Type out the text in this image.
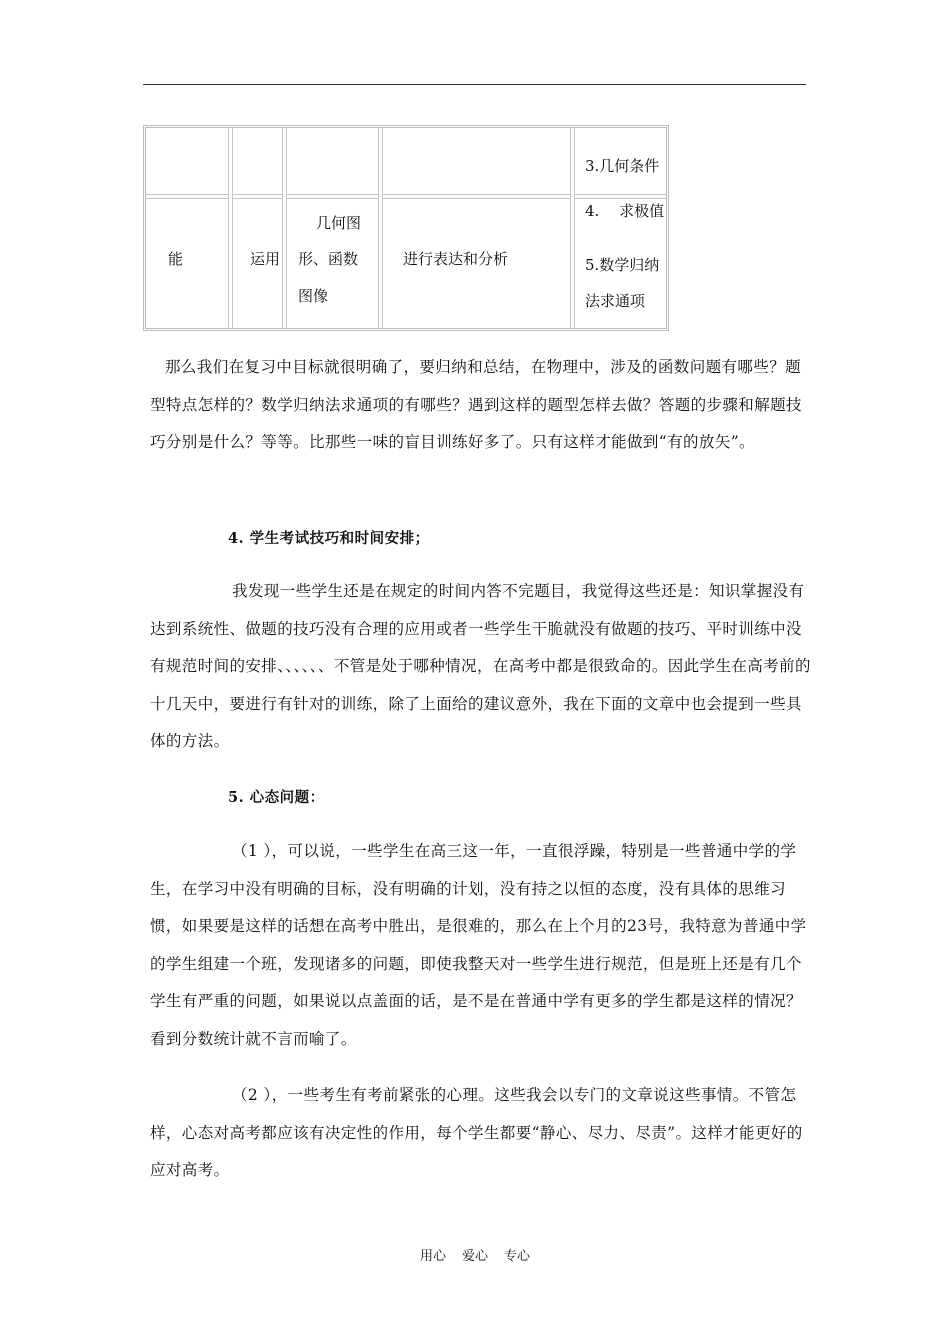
3.几何条件
能	运用
几何图
形、函数
图像
进行表达和分析
4.　 求极值
5.数学归纳
法求通项

那么我们在复习中目标就很明确了，要归纳和总结，在物理中，涉及的函数问题有哪些？题型特点怎样的？数学归纳法求通项的有哪些？遇到这样的题型怎样去做？答题的步骤和解题技巧分别是什么？等等。比那些一味的盲目训练好多了。只有这样才能做到“有的放矢”。

4. 学生考试技巧和时间安排；

我发现一些学生还是在规定的时间内答不完题目，我觉得这些还是：知识掌握没有达到系统性、做题的技巧没有合理的应用或者一些学生干脆就没有做题的技巧、平时训练中没有规范时间的安排、、、、、、不管是处于哪种情况，在高考中都是很致命的。因此学生在高考前的十几天中，要进行有针对的训练，除了上面给的建议意外，我在下面的文章中也会提到一些具体的方法。

5. 心态问题：

（1 ），可以说，一些学生在高三这一年，一直很浮躁，特别是一些普通中学的学生，在学习中没有明确的目标，没有明确的计划，没有持之以恒的态度，没有具体的思维习惯，如果要是这样的话想在高考中胜出，是很难的，那么在上个月的23号，我特意为普通中学的学生组建一个班，发现诸多的问题，即使我整天对一些学生进行规范，但是班上还是有几个学生有严重的问题，如果说以点盖面的话，是不是在普通中学有更多的学生都是这样的情况？看到分数统计就不言而喻了。

（2 ），一些考生有考前紧张的心理。这些我会以专门的文章说这些事情。不管怎样，心态对高考都应该有决定性的作用，每个学生都要“静心、尽力、尽责”。这样才能更好的应对高考。

用心 爱心 专心
